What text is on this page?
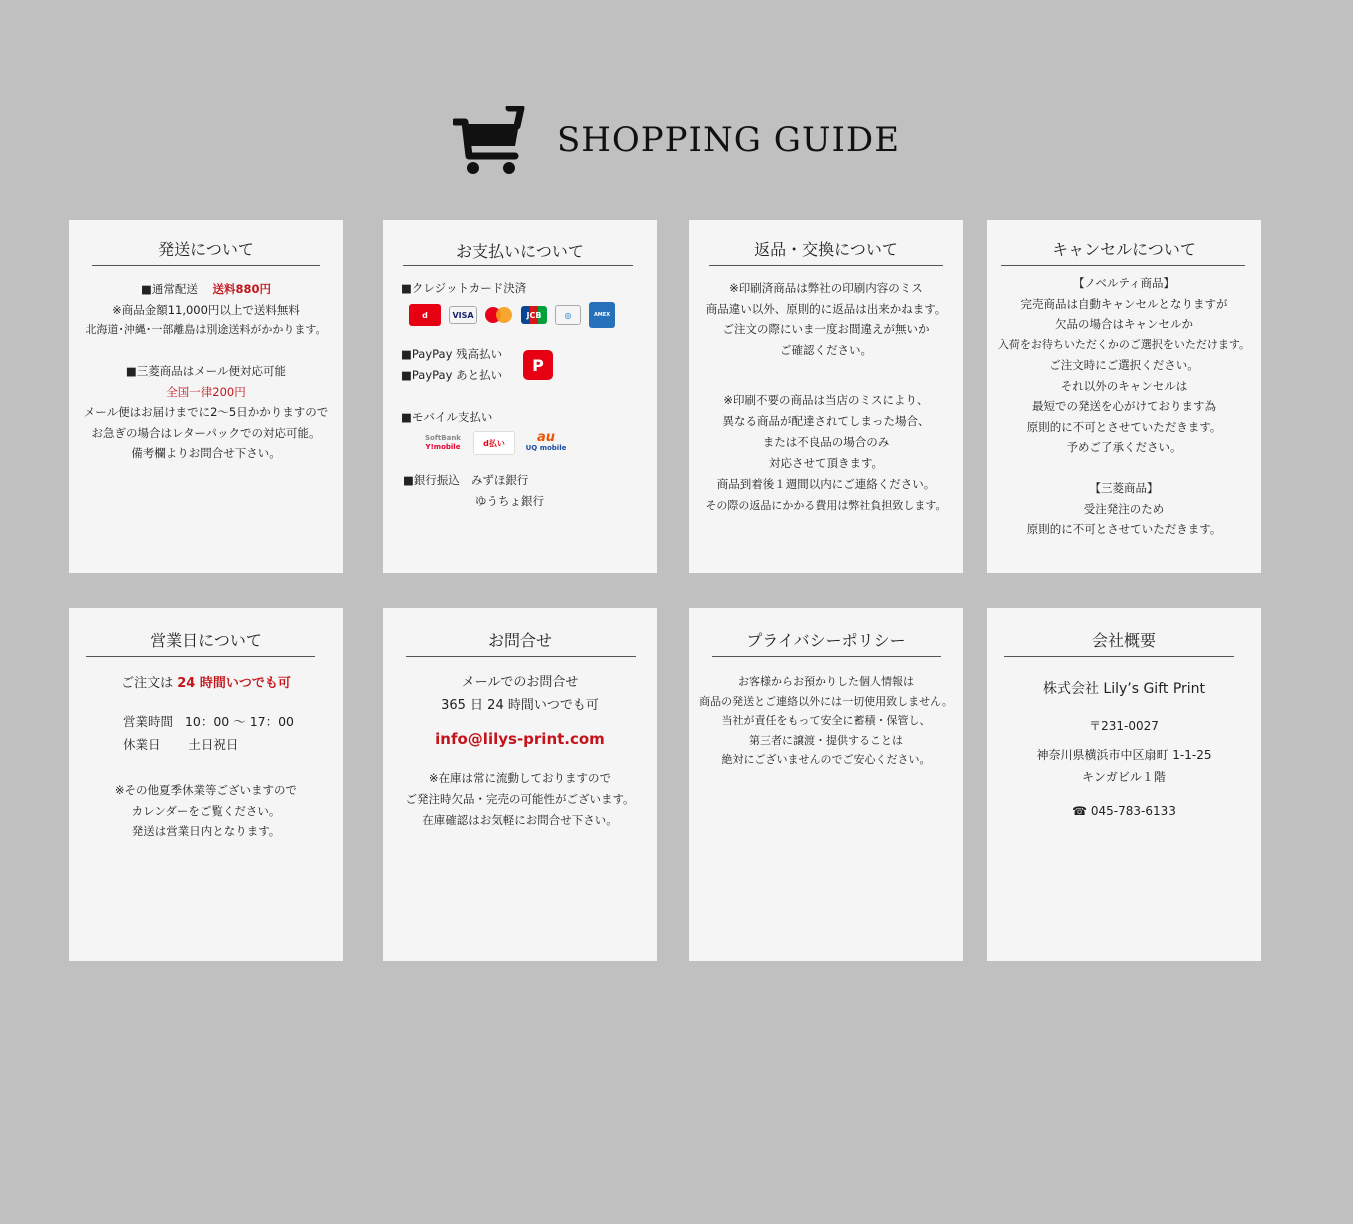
SHOPPING GUIDE
発送について
■通常配送 送料880円
※商品金額11,000円以上で送料無料
北海道･沖縄･一部離島は別途送料がかかります。

■三菱商品はメール便対応可能
全国一律200円
メール便はお届けまでに2～5日かかりますので
お急ぎの場合はレターパックでの対応可能。
備考欄よりお問合せ下さい。
お支払いについて
■クレジットカード決済
d	VISA	JCB	◎	AMEX
■PayPay 残高払い
■PayPay あと払い
P
■モバイル支払い
SoftBank
Y!mobile	d払い	au
UQ mobile
■銀行振込 みずほ銀行
ゆうちょ銀行
返品・交換について
※印刷済商品は弊社の印刷内容のミス
商品違い以外、原則的に返品は出来かねます。
ご注文の際にいま一度お間違えが無いか
ご確認ください。
※印刷不要の商品は当店のミスにより、
異なる商品が配達されてしまった場合、
または不良品の場合のみ
対応させて頂きます。
商品到着後１週間以内にご連絡ください。
その際の返品にかかる費用は弊社負担致します。
キャンセルについて
【ノベルティ商品】
完売商品は自動キャンセルとなりますが
欠品の場合はキャンセルか
入荷をお待ちいただくかのご選択をいただけます。
ご注文時にご選択ください。
それ以外のキャンセルは
最短での発送を心がけております為
原則的に不可とさせていただきます。
予めご了承ください。

【三菱商品】
受注発注のため
原則的に不可とさせていただきます。
営業日について
ご注文は 24 時間いつでも可
営業時間 10：00 ～ 17：00
休業日 土日祝日
※その他夏季休業等ございますので
カレンダーをご覧ください。
発送は営業日内となります。
お問合せ
メールでのお問合せ
365 日 24 時間いつでも可
info@lilys-print.com
※在庫は常に流動しておりますので
ご発注時欠品・完売の可能性がございます。
在庫確認はお気軽にお問合せ下さい。
プライバシーポリシー
お客様からお預かりした個人情報は
商品の発送とご連絡以外には一切使用致しません。
当社が責任をもって安全に蓄積・保管し、
第三者に譲渡・提供することは
絶対にございませんのでご安心ください。
会社概要
株式会社 Lily’s Gift Print
〒231-0027
神奈川県横浜市中区扇町 1-1-25
キンガビル１階
☎ 045-783-6133
